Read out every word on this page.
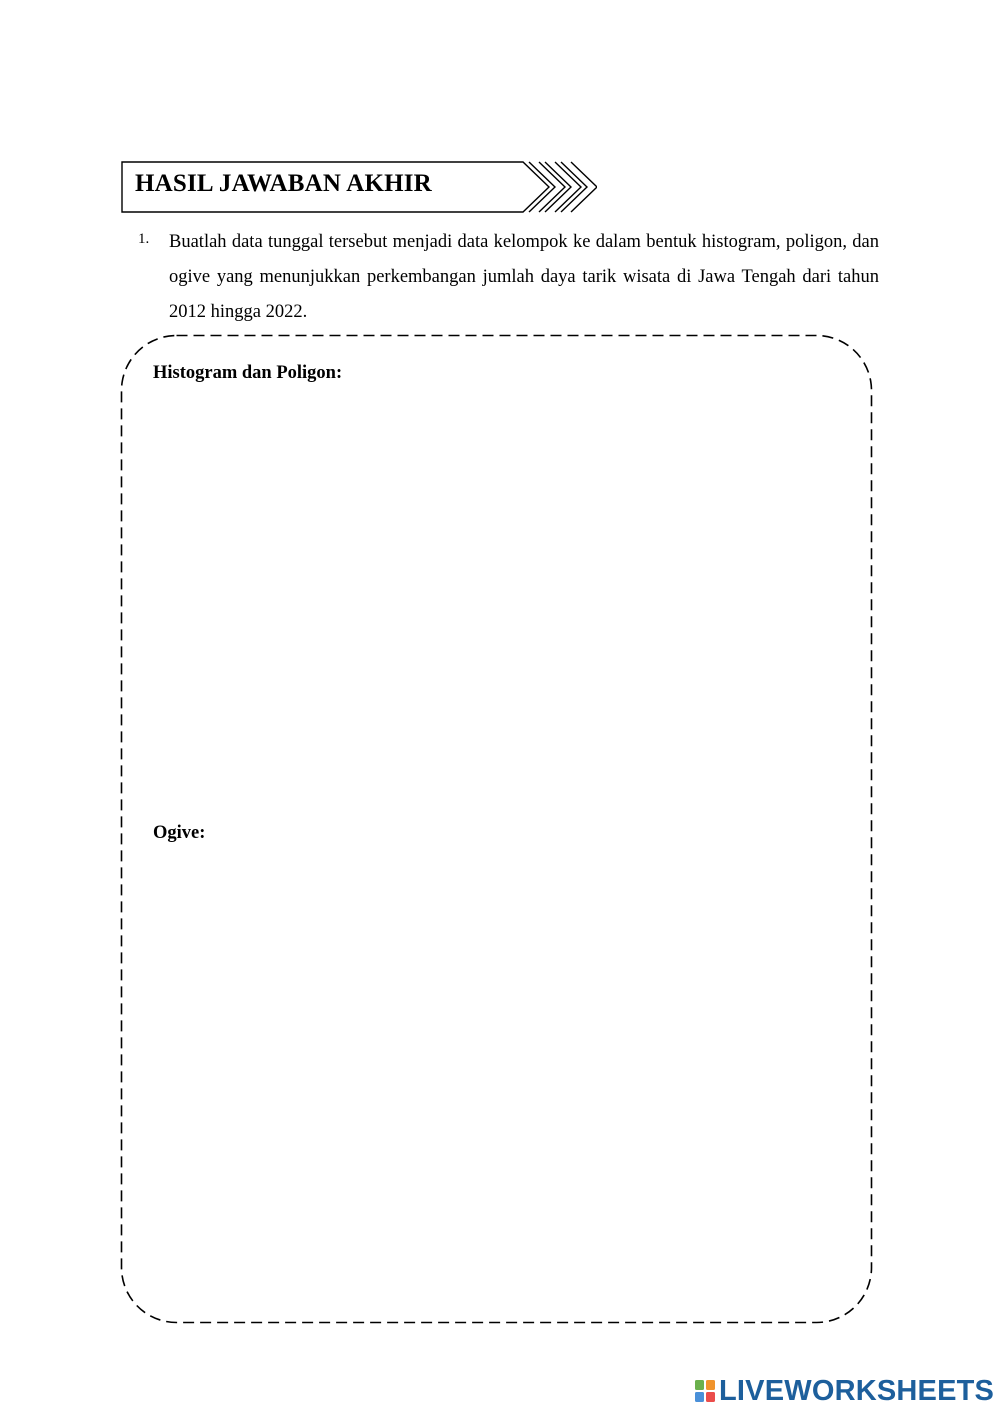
HASIL JAWABAN AKHIR
1. Buatlah data tunggal tersebut menjadi data kelompok ke dalam bentuk histogram, poligon, dan ogive yang menunjukkan perkembangan jumlah daya tarik wisata di Jawa Tengah dari tahun 2012 hingga 2022.
Histogram dan Poligon:
Ogive:
LIVEWORKSHEETS
